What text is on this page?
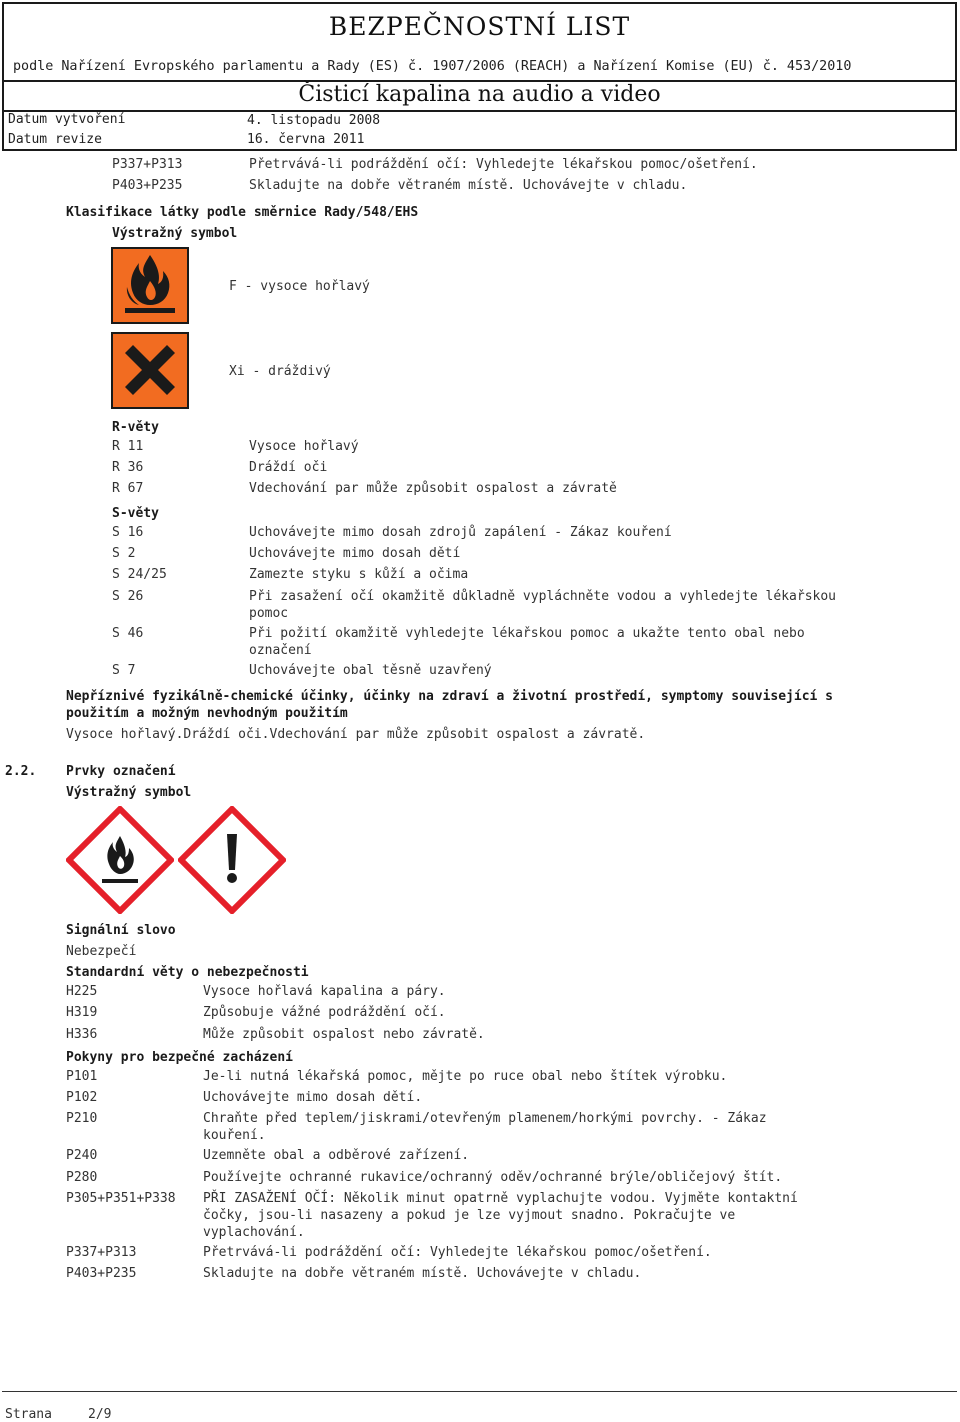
BEZPEČNOSTNÍ LIST
podle Nařízení Evropského parlamentu a Rady (ES) č. 1907/2006 (REACH) a Nařízení Komise (EU) č. 453/2010
Čisticí kapalina na audio a video
Datum vytvoření	4. listopadu 2008
Datum revize	16. června 2011
P337+P313	Přetrvává-li podráždění očí: Vyhledejte lékařskou pomoc/ošetření.
P403+P235	Skladujte na dobře větraném místě. Uchovávejte v chladu.
Klasifikace látky podle směrnice Rady/548/EHS
Výstražný symbol
F - vysoce hořlavý
Xi - dráždivý
R-věty
R 11	Vysoce hořlavý
R 36	Dráždí oči
R 67	Vdechování par může způsobit ospalost a závratě
S-věty
S 16	Uchovávejte mimo dosah zdrojů zapálení - Zákaz kouření
S 2	Uchovávejte mimo dosah dětí
S 24/25	Zamezte styku s kůží a očima
S 26	Při zasažení očí okamžitě důkladně vypláchněte vodou a vyhledejte lékařskou
pomoc
S 46	Při požití okamžitě vyhledejte lékařskou pomoc a ukažte tento obal nebo
označení
S 7	Uchovávejte obal těsně uzavřený
Nepříznivé fyzikálně-chemické účinky, účinky na zdraví a životní prostředí, symptomy související s
použitím a možným nevhodným použitím
Vysoce hořlavý.Dráždí oči.Vdechování par může způsobit ospalost a závratě.
2.2. Prvky označení
Výstražný symbol
Signální slovo
Nebezpečí
Standardní věty o nebezpečnosti
H225	Vysoce hořlavá kapalina a páry.
H319	Způsobuje vážné podráždění očí.
H336	Může způsobit ospalost nebo závratě.
Pokyny pro bezpečné zacházení
P101	Je-li nutná lékařská pomoc, mějte po ruce obal nebo štítek výrobku.
P102	Uchovávejte mimo dosah dětí.
P210	Chraňte před teplem/jiskrami/otevřeným plamenem/horkými povrchy. - Zákaz
kouření.
P240	Uzemněte obal a odběrové zařízení.
P280	Používejte ochranné rukavice/ochranný oděv/ochranné brýle/obličejový štít.
P305+P351+P338 PŘI ZASAŽENÍ OČÍ: Několik minut opatrně vyplachujte vodou. Vyjměte kontaktní
čočky, jsou-li nasazeny a pokud je lze vyjmout snadno. Pokračujte ve
vyplachování.
P337+P313	Přetrvává-li podráždění očí: Vyhledejte lékařskou pomoc/ošetření.
P403+P235	Skladujte na dobře větraném místě. Uchovávejte v chladu.
Strana	2/9
